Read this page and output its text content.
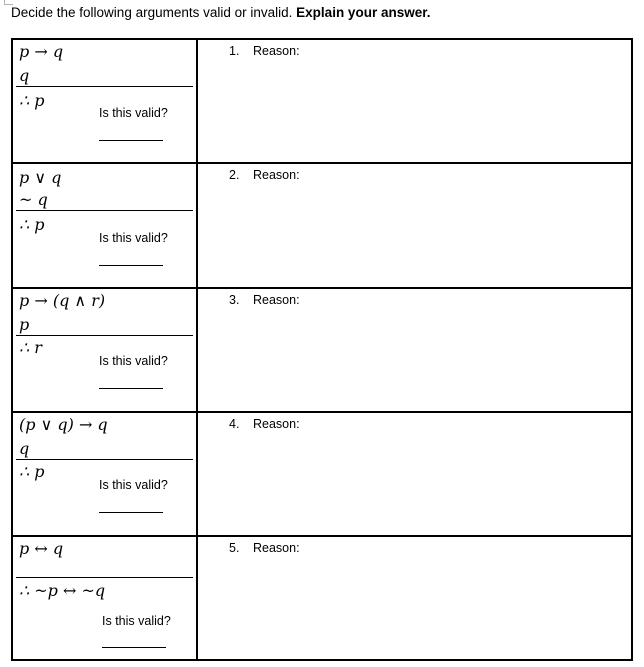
Decide the following arguments valid or invalid. Explain your answer.
p → q
q
∴ p
Is this valid?	1. Reason:

p ∨ q
~ q
∴ p
Is this valid?	2. Reason:

p → (q ∧ r)
p
∴ r
Is this valid?	3. Reason:

(p ∨ q) → q
q
∴ p
Is this valid?	4. Reason:

p ↔ q
∴ ~p ↔ ~q
Is this valid?	5. Reason:
